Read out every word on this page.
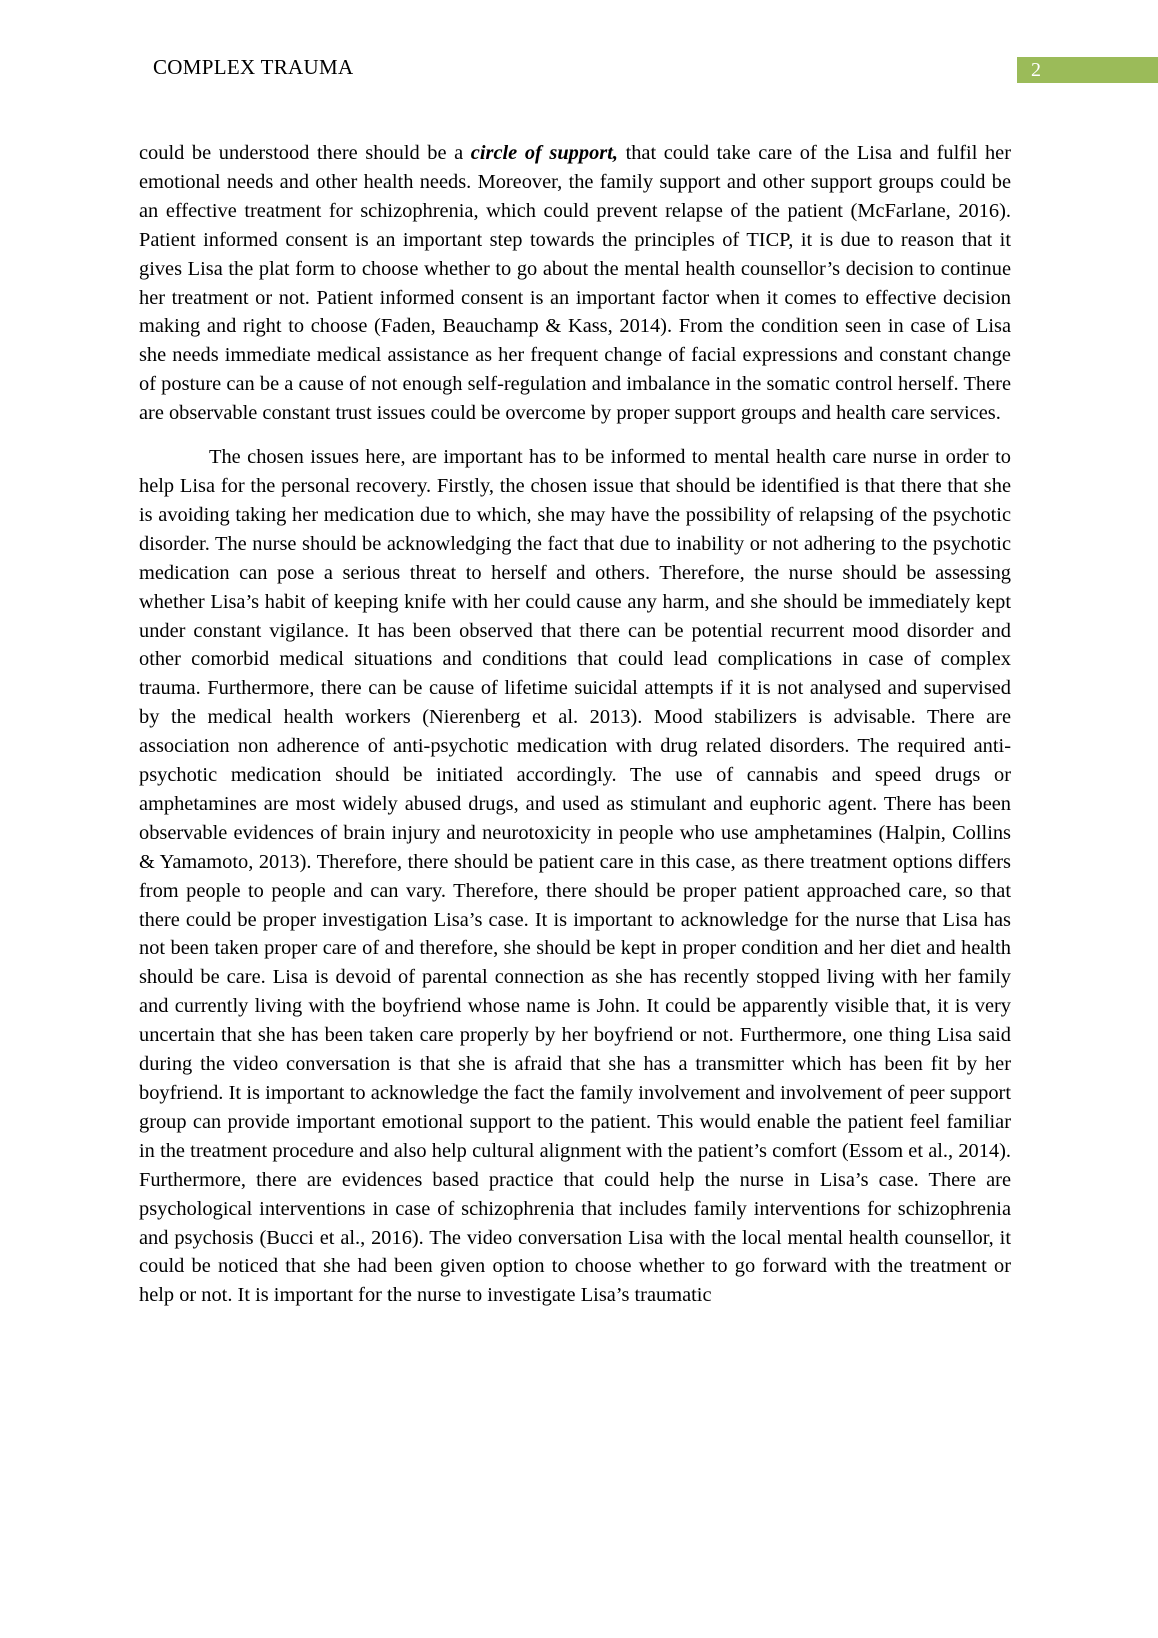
COMPLEX TRAUMA	2

could be understood there should be a circle of support, that could take care of the Lisa and fulfil her emotional needs and other health needs. Moreover, the family support and other support groups could be an effective treatment for schizophrenia, which could prevent relapse of the patient (McFarlane, 2016). Patient informed consent is an important step towards the principles of TICP, it is due to reason that it gives Lisa the plat form to choose whether to go about the mental health counsellor’s decision to continue her treatment or not. Patient informed consent is an important factor when it comes to effective decision making and right to choose (Faden, Beauchamp & Kass, 2014). From the condition seen in case of Lisa she needs immediate medical assistance as her frequent change of facial expressions and constant change of posture can be a cause of not enough self-regulation and imbalance in the somatic control herself. There are observable constant trust issues could be overcome by proper support groups and health care services.

The chosen issues here, are important has to be informed to mental health care nurse in order to help Lisa for the personal recovery. Firstly, the chosen issue that should be identified is that there that she is avoiding taking her medication due to which, she may have the possibility of relapsing of the psychotic disorder. The nurse should be acknowledging the fact that due to inability or not adhering to the psychotic medication can pose a serious threat to herself and others. Therefore, the nurse should be assessing whether Lisa’s habit of keeping knife with her could cause any harm, and she should be immediately kept under constant vigilance. It has been observed that there can be potential recurrent mood disorder and other comorbid medical situations and conditions that could lead complications in case of complex trauma. Furthermore, there can be cause of lifetime suicidal attempts if it is not analysed and supervised by the medical health workers (Nierenberg et al. 2013). Mood stabilizers is advisable. There are association non adherence of anti-psychotic medication with drug related disorders. The required anti-psychotic medication should be initiated accordingly. The use of cannabis and speed drugs or amphetamines are most widely abused drugs, and used as stimulant and euphoric agent. There has been observable evidences of brain injury and neurotoxicity in people who use amphetamines (Halpin, Collins & Yamamoto, 2013). Therefore, there should be patient care in this case, as there treatment options differs from people to people and can vary. Therefore, there should be proper patient approached care, so that there could be proper investigation Lisa’s case. It is important to acknowledge for the nurse that Lisa has not been taken proper care of and therefore, she should be kept in proper condition and her diet and health should be care. Lisa is devoid of parental connection as she has recently stopped living with her family and currently living with the boyfriend whose name is John. It could be apparently visible that, it is very uncertain that she has been taken care properly by her boyfriend or not. Furthermore, one thing Lisa said during the video conversation is that she is afraid that she has a transmitter which has been fit by her boyfriend. It is important to acknowledge the fact the family involvement and involvement of peer support group can provide important emotional support to the patient. This would enable the patient feel familiar in the treatment procedure and also help cultural alignment with the patient’s comfort (Essom et al., 2014). Furthermore, there are evidences based practice that could help the nurse in Lisa’s case. There are psychological interventions in case of schizophrenia that includes family interventions for schizophrenia and psychosis (Bucci et al., 2016). The video conversation Lisa with the local mental health counsellor, it could be noticed that she had been given option to choose whether to go forward with the treatment or help or not. It is important for the nurse to investigate Lisa’s traumatic
